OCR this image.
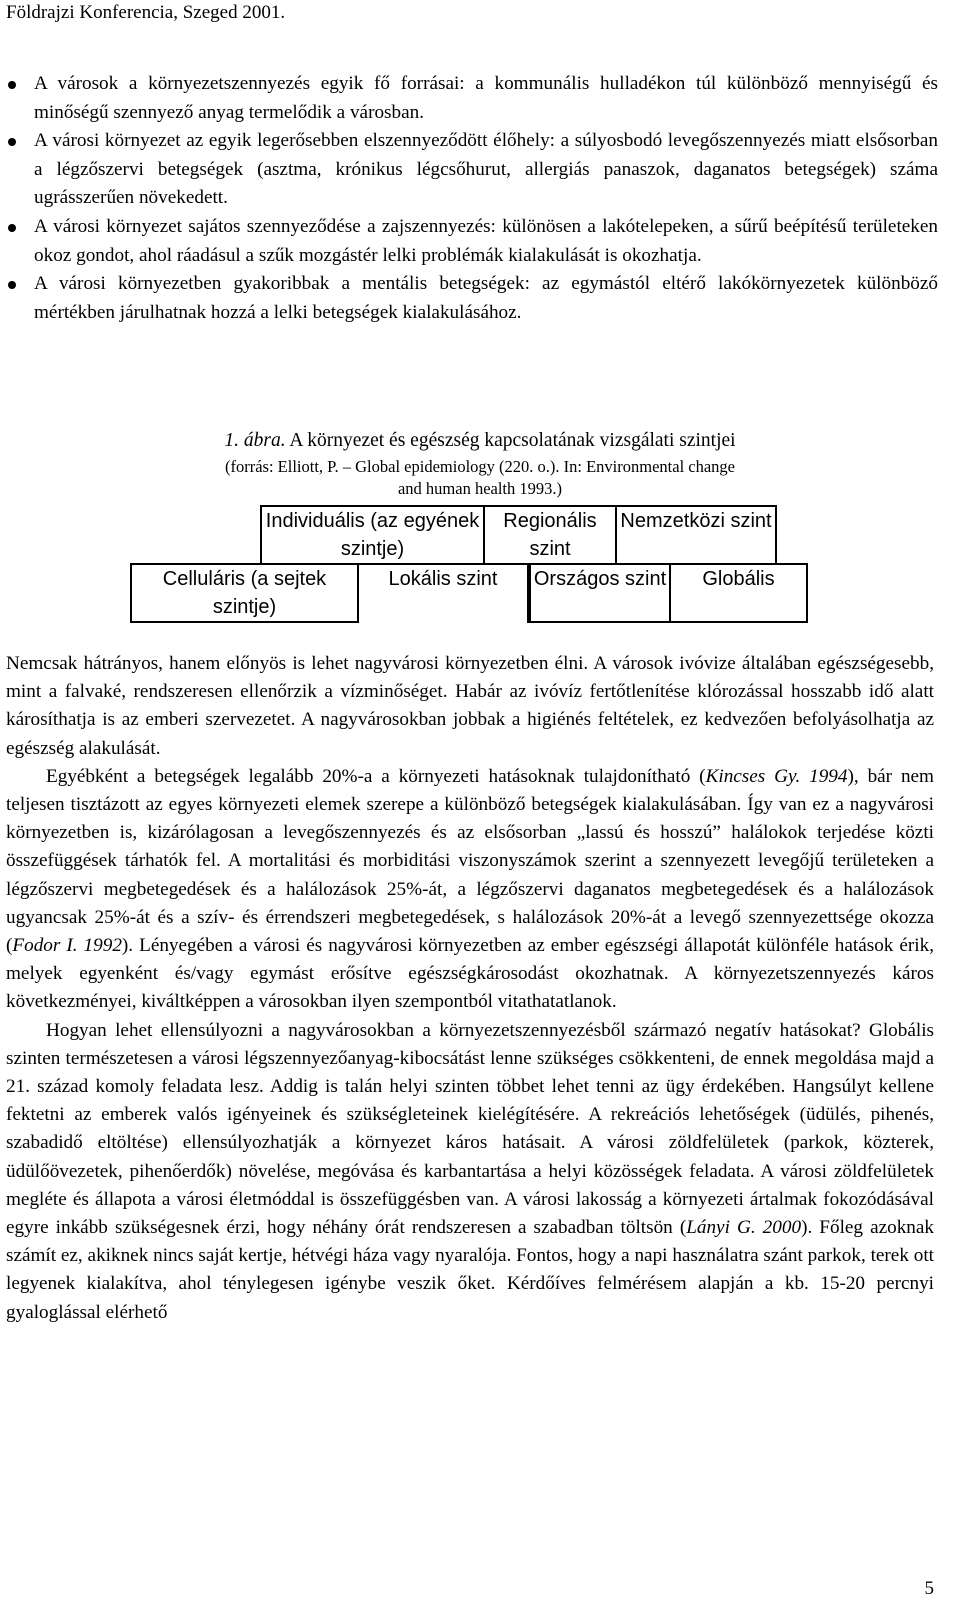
Földrajzi Konferencia, Szeged 2001.
A városok a környezetszennyezés egyik fő forrásai: a kommunális hulladékon túl különböző mennyiségű és minőségű szennyező anyag termelődik a városban.
A városi környezet az egyik legerősebben elszennyeződött élőhely: a súlyosbodó levegőszennyezés miatt elsősorban a légzőszervi betegségek (asztma, krónikus légcsőhurut, allergiás panaszok, daganatos betegségek) száma ugrásszerűen növekedett.
A városi környezet sajátos szennyeződése a zajszennyezés: különösen a lakótelepeken, a sűrű beépítésű területeken okoz gondot, ahol ráadásul a szűk mozgástér lelki problémák kialakulását is okozhatja.
A városi környezetben gyakoribbak a mentális betegségek: az egymástól eltérő lakókörnyezetek különböző mértékben járulhatnak hozzá a lelki betegségek kialakulásához.
1. ábra. A környezet és egészség kapcsolatának vizsgálati szintjei
(forrás: Elliott, P. – Global epidemiology (220. o.). In: Environmental change
and human health 1993.)
Individuális (az egyének szintje)
Regionális szint
Nemzetközi szint
Celluláris (a sejtek szintje)
Lokális szint	Országos szint	Globális

Nemcsak hátrányos, hanem előnyös is lehet nagyvárosi környezetben élni. A városok ivóvize általában egészségesebb, mint a falvaké, rendszeresen ellenőrzik a vízminőséget. Habár az ivóvíz fertőtlenítése klórozással hosszabb idő alatt károsíthatja is az emberi szervezetet. A nagyvárosokban jobbak a higiénés feltételek, ez kedvezően befolyásolhatja az egészség alakulását.

Egyébként a betegségek legalább 20%-a a környezeti hatásoknak tulajdonítható (Kincses Gy. 1994), bár nem teljesen tisztázott az egyes környezeti elemek szerepe a különböző betegségek kialakulásában. Így van ez a nagyvárosi környezetben is, kizárólagosan a levegőszennyezés és az elsősorban „lassú és hosszú” halálokok terjedése közti összefüggések tárhatók fel. A mortalitási és morbiditási viszonyszámok szerint a szennyezett levegőjű területeken a légzőszervi megbetegedések és a halálozások 25%-át, a légzőszervi daganatos megbetegedések és a halálozások ugyancsak 25%-át és a szív- és érrendszeri megbetegedések, s halálozások 20%-át a levegő szennyezettsége okozza (Fodor I. 1992). Lényegében a városi és nagyvárosi környezetben az ember egészségi állapotát különféle hatások érik, melyek egyenként és/vagy egymást erősítve egészségkárosodást okozhatnak. A környezetszennyezés káros következményei, kiváltképpen a városokban ilyen szempontból vitathatatlanok.

Hogyan lehet ellensúlyozni a nagyvárosokban a környezetszennyezésből származó negatív hatásokat? Globális szinten természetesen a városi légszennyezőanyag-kibocsátást lenne szükséges csökkenteni, de ennek megoldása majd a 21. század komoly feladata lesz. Addig is talán helyi szinten többet lehet tenni az ügy érdekében. Hangsúlyt kellene fektetni az emberek valós igényeinek és szükségleteinek kielégítésére. A rekreációs lehetőségek (üdülés, pihenés, szabadidő eltöltése) ellensúlyozhatják a környezet káros hatásait. A városi zöldfelületek (parkok, közterek, üdülőövezetek, pihenőerdők) növelése, megóvása és karbantartása a helyi közösségek feladata. A városi zöldfelületek megléte és állapota a városi életmóddal is összefüggésben van. A városi lakosság a környezeti ártalmak fokozódásával egyre inkább szükségesnek érzi, hogy néhány órát rendszeresen a szabadban töltsön (Lányi G. 2000). Főleg azoknak számít ez, akiknek nincs saját kertje, hétvégi háza vagy nyaralója. Fontos, hogy a napi használatra szánt parkok, terek ott legyenek kialakítva, ahol ténylegesen igénybe veszik őket. Kérdőíves felmérésem alapján a kb. 15-20 percnyi gyaloglással elérhető

5
